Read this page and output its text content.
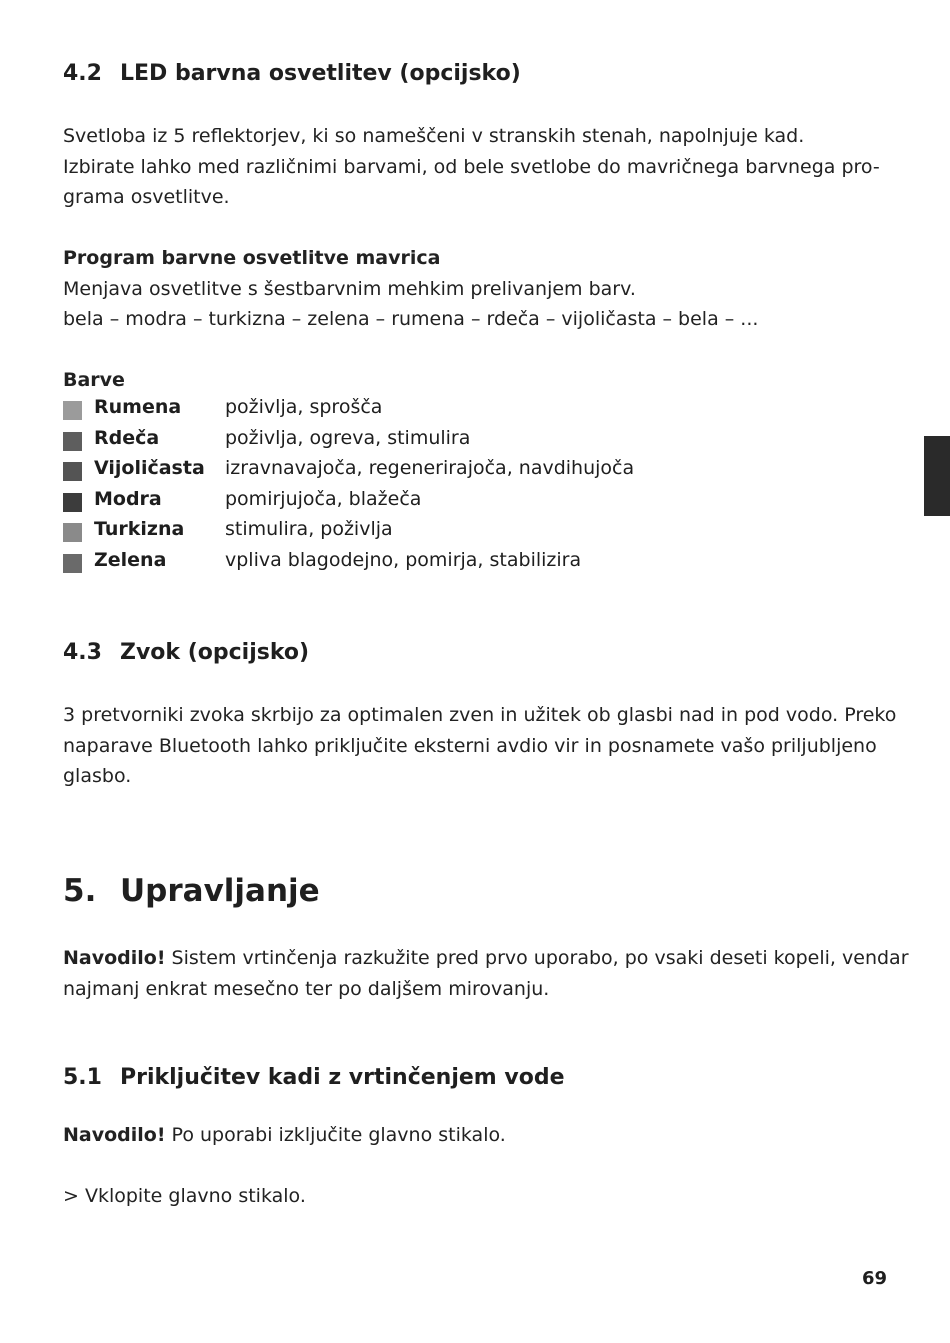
4.2 LED barvna osvetlitev (opcijsko)

Svetloba iz 5 reflektorjev, ki so nameščeni v stranskih stenah, napolnjuje kad.

Izbirate lahko med različnimi barvami, od bele svetlobe do mavričnega barvnega pro-

grama osvetlitve.

Program barvne osvetlitve mavrica

Menjava osvetlitve s šestbarvnim mehkim prelivanjem barv.

bela – modra – turkizna – zelena – rumena – rdeča – vijoličasta – bela – ...

Barve
Rumena poživlja, sprošča
Rdeča	poživlja, ogreva, stimulira
Vijoličasta izravnavajoča, regenerirajoča, navdihujoča
Modra	pomirjujoča, blažeča
Turkizna stimulira, poživlja
Zelena	vpliva blagodejno, pomirja, stabilizira
4.3 Zvok (opcijsko)

3 pretvorniki zvoka skrbijo za optimalen zven in užitek ob glasbi nad in pod vodo. Preko

naparave Bluetooth lahko priključite eksterni avdio vir in posnamete vašo priljubljeno

glasbo.

5. Upravljanje

Navodilo! Sistem vrtinčenja razkužite pred prvo uporabo, po vsaki deseti kopeli, vendar

najmanj enkrat mesečno ter po daljšem mirovanju.

5.1 Priključitev kadi z vrtinčenjem vode

Navodilo! Po uporabi izključite glavno stikalo.

> Vklopite glavno stikalo.
69
